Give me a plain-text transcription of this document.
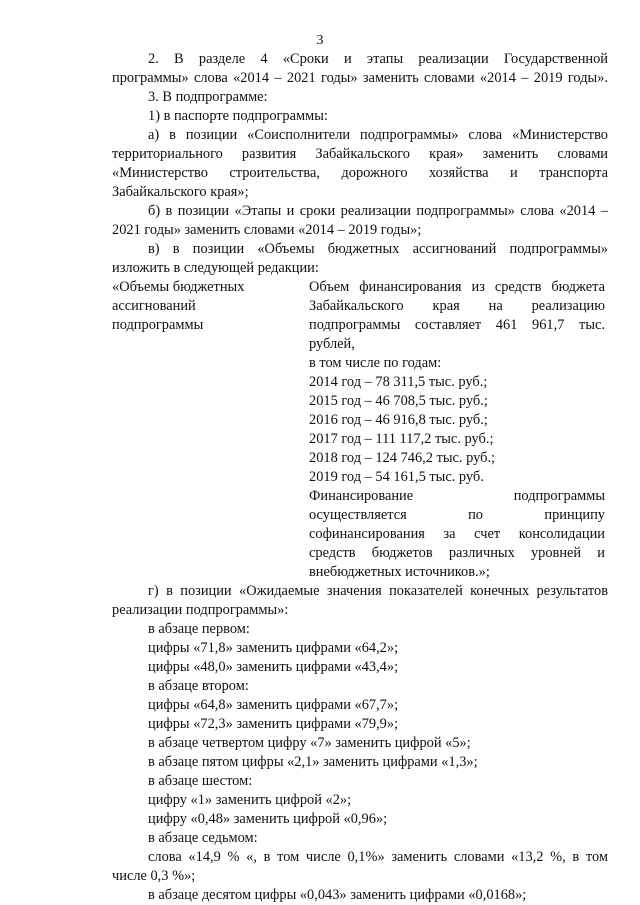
3
2. В разделе 4 «Сроки и этапы реализации Государственной
программы» слова «2014 – 2021 годы» заменить словами «2014 – 2019 годы».
3. В подпрограмме:
1) в паспорте подпрограммы:
а) в позиции «Соисполнители подпрограммы» слова «Министерство
территориального развития Забайкальского края» заменить словами
«Министерство строительства, дорожного хозяйства и транспорта
Забайкальского края»;
б) в позиции «Этапы и сроки реализации подпрограммы» слова «2014 –
2021 годы» заменить словами «2014 – 2019 годы»;
в) в позиции «Объемы бюджетных ассигнований подпрограммы»
изложить в следующей редакции:
«Объемы бюджетных
ассигнований
подпрограммы
Объем финансирования из средств бюджета
Забайкальского края на реализацию
подпрограммы составляет 461 961,7 тыс.
рублей,
в том числе по годам:
2014 год – 78 311,5 тыс. руб.;
2015 год – 46 708,5 тыс. руб.;
2016 год – 46 916,8 тыс. руб.;
2017 год – 111 117,2 тыс. руб.;
2018 год – 124 746,2 тыс. руб.;
2019 год – 54 161,5 тыс. руб.
Финансирование подпрограммы
осуществляется по принципу
софинансирования за счет консолидации
средств бюджетов различных уровней и
внебюджетных источников.»;
г) в позиции «Ожидаемые значения показателей конечных результатов
реализации подпрограммы»:
в абзаце первом:
цифры «71,8» заменить цифрами «64,2»;
цифры «48,0» заменить цифрами «43,4»;
в абзаце втором:
цифры «64,8» заменить цифрами «67,7»;
цифры «72,3» заменить цифрами «79,9»;
в абзаце четвертом цифру «7» заменить цифрой «5»;
в абзаце пятом цифры «2,1» заменить цифрами «1,3»;
в абзаце шестом:
цифру «1» заменить цифрой «2»;
цифру «0,48» заменить цифрой «0,96»;
в абзаце седьмом:
слова «14,9 % «, в том числе 0,1%» заменить словами «13,2 %, в том
числе 0,3 %»;
в абзаце десятом цифры «0,043» заменить цифрами «0,0168»;
